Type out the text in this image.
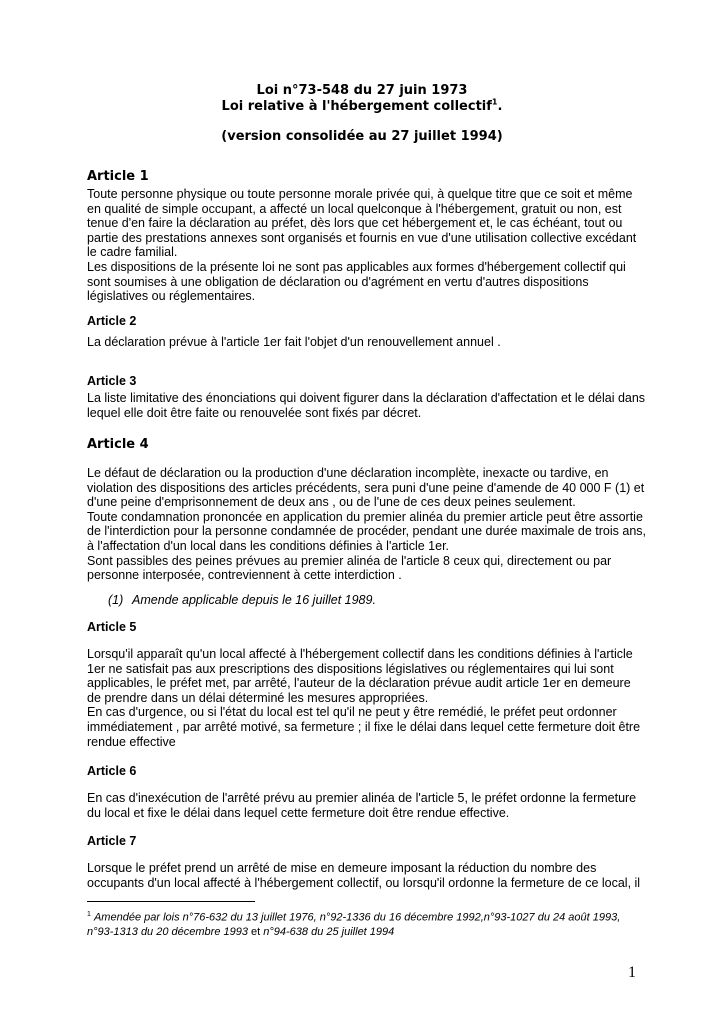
Loi n°73-548 du 27 juin 1973
Loi relative à l'hébergement collectif$^1$.
(version consolidée au 27 juillet 1994)
Article 1

Toute personne physique ou toute personne morale privée qui, à quelque titre que ce soit et même en qualité de simple occupant, a affecté un local quelconque à l'hébergement, gratuit ou non, est tenue d'en faire la déclaration au préfet, dès lors que cet hébergement et, le cas échéant, tout ou partie des prestations annexes sont organisés et fournis en vue d'une utilisation collective excédant le cadre familial.

Les dispositions de la présente loi ne sont pas applicables aux formes d'hébergement collectif qui sont soumises à une obligation de déclaration ou d'agrément en vertu d'autres dispositions législatives ou réglementaires.

Article 2

La déclaration prévue à l'article 1er fait l'objet d'un renouvellement annuel .

Article 3

La liste limitative des énonciations qui doivent figurer dans la déclaration d'affectation et le délai dans lequel elle doit être faite ou renouvelée sont fixés par décret.

Article 4

Le défaut de déclaration ou la production d'une déclaration incomplète, inexacte ou tardive, en violation des dispositions des articles précédents, sera puni d'une peine d'amende de 40 000 F (1) et d'une peine d'emprisonnement de deux ans , ou de l'une de ces deux peines seulement.

Toute condamnation prononcée en application du premier alinéa du premier article peut être assortie de l'interdiction pour la personne condamnée de procéder, pendant une durée maximale de trois ans, à l'affectation d'un local dans les conditions définies à l'article 1er.

Sont passibles des peines prévues au premier alinéa de l'article 8 ceux qui, directement ou par personne interposée, contreviennent à cette interdiction .

(1) Amende applicable depuis le 16 juillet 1989.
Article 5

Lorsqu'il apparaît qu'un local affecté à l'hébergement collectif dans les conditions définies à l'article 1er ne satisfait pas aux prescriptions des dispositions législatives ou réglementaires qui lui sont applicables, le préfet met, par arrêté, l'auteur de la déclaration prévue audit article 1er en demeure de prendre dans un délai déterminé les mesures appropriées.

En cas d'urgence, ou si l'état du local est tel qu'il ne peut y être remédié, le préfet peut ordonner immédiatement , par arrêté motivé, sa fermeture ; il fixe le délai dans lequel cette fermeture doit être rendue effective

Article 6

En cas d'inexécution de l'arrêté prévu au premier alinéa de l'article 5, le préfet ordonne la fermeture du local et fixe le délai dans lequel cette fermeture doit être rendue effective.

Article 7

Lorsque le préfet prend un arrêté de mise en demeure imposant la réduction du nombre des occupants d'un local affecté à l'hébergement collectif, ou lorsqu'il ordonne la fermeture de ce local, il

$^1$ Amendée par lois n°76-632 du 13 juillet 1976, n°92-1336 du 16 décembre 1992,n°93-1027 du 24 août 1993, n°93-1313 du 20 décembre 1993 et n°94-638 du 25 juillet 1994
1
